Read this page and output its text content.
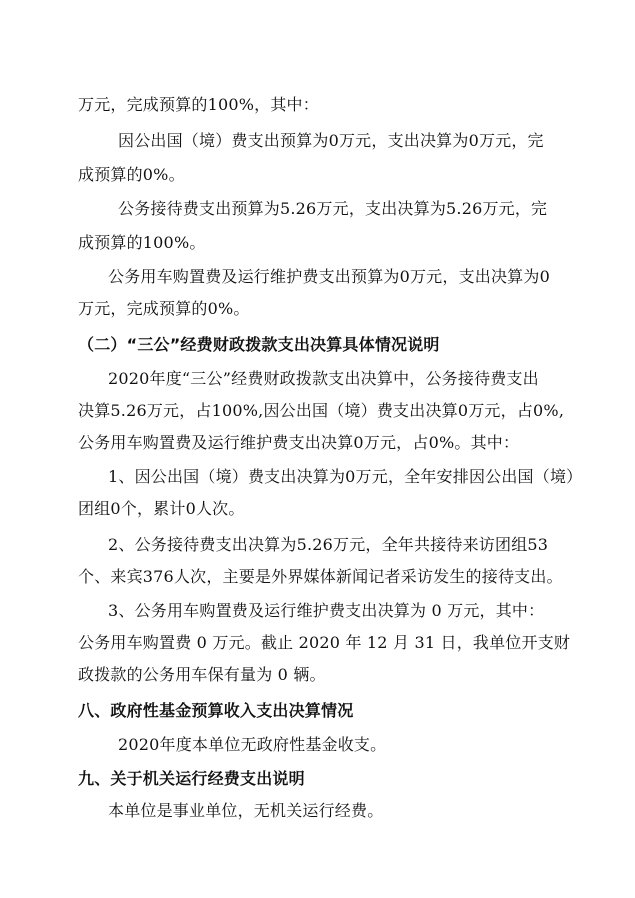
万元，完成预算的100%，其中：
因公出国（境）费支出预算为0万元，支出决算为0万元，完
成预算的0%。
公务接待费支出预算为5.26万元，支出决算为5.26万元，完
成预算的100%。
公务用车购置费及运行维护费支出预算为0万元，支出决算为0
万元，完成预算的0%。
（二）“三公”经费财政拨款支出决算具体情况说明
2020年度“三公”经费财政拨款支出决算中，公务接待费支出
决算5.26万元，占100%,因公出国（境）费支出决算0万元，占0%,
公务用车购置费及运行维护费支出决算0万元，占0%。其中：
1、因公出国（境）费支出决算为0万元，全年安排因公出国（境）
团组0个，累计0人次。
2、公务接待费支出决算为5.26万元，全年共接待来访团组53
个、来宾376人次，主要是外界媒体新闻记者采访发生的接待支出。
3、公务用车购置费及运行维护费支出决算为 0 万元，其中：
公务用车购置费 0 万元。截止 2020 年 12 月 31 日，我单位开支财
政拨款的公务用车保有量为 0 辆。
八、政府性基金预算收入支出决算情况
2020年度本单位无政府性基金收支。
九、关于机关运行经费支出说明
本单位是事业单位，无机关运行经费。
